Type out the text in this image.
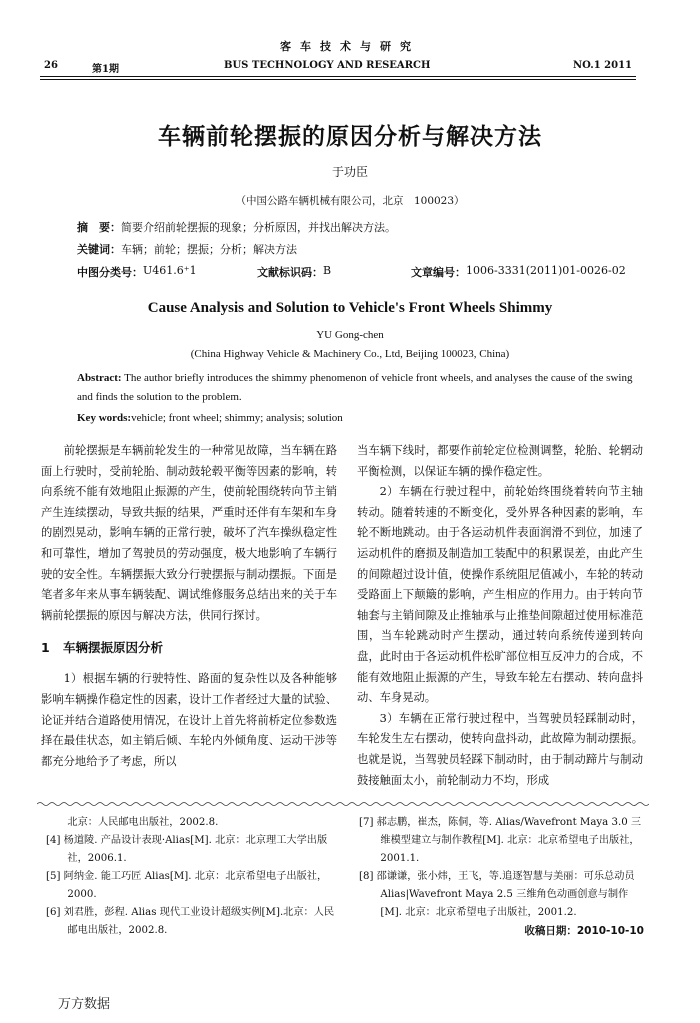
客车技术与研究
26	第1期	BUS TECHNOLOGY AND RESEARCH	NO.1 2011
车辆前轮摆振的原因分析与解决方法
于功臣
（中国公路车辆机械有限公司，北京　100023）
摘　要：简要介绍前轮摆振的现象；分析原因，并找出解决方法。
关键词：车辆；前轮；摆振；分析；解决方法
中图分类号： U461.6⁺1	文献标识码： B	文章编号： 1006-3331(2011)01-0026-02
Cause Analysis and Solution to Vehicle's Front Wheels Shimmy
YU Gong-chen
(China Highway Vehicle & Machinery Co., Ltd, Beijing 100023, China)
Abstract: The author briefly introduces the shimmy phenomenon of vehicle front wheels, and analyses the cause of the swing and finds the solution to the problem.
Key words:vehicle; front wheel; shimmy; analysis; solution

前轮摆振是车辆前轮发生的一种常见故障，当车辆在路面上行驶时，受前轮胎、制动鼓轮毂平衡等因素的影响，转向系统不能有效地阻止振源的产生，使前轮围绕转向节主销产生连续摆动，导致共振的结果，严重时还伴有车架和车身的剧烈晃动，影响车辆的正常行驶，破坏了汽车操纵稳定性和可靠性，增加了驾驶员的劳动强度，极大地影响了车辆行驶的安全性。车辆摆振大致分行驶摆振与制动摆振。下面是笔者多年来从事车辆装配、调试维修服务总结出来的关于车辆前轮摆振的原因与解决方法，供同行探讨。

1 车辆摆振原因分析

1）根据车辆的行驶特性、路面的复杂性以及各种能够影响车辆操作稳定性的因素，设计工作者经过大量的试验、论证并结合道路使用情况，在设计上首先将前桥定位参数选择在最佳状态，如主销后倾、车轮内外倾角度、运动干涉等都充分地给予了考虑，所以

当车辆下线时，都要作前轮定位检测调整，轮胎、轮辋动平衡检测，以保证车辆的操作稳定性。

2）车辆在行驶过程中，前轮始终围绕着转向节主轴转动。随着转速的不断变化，受外界各种因素的影响，车轮不断地跳动。由于各运动机件表面润滑不到位，加速了运动机件的磨损及制造加工装配中的积累误差，由此产生的间隙超过设计值，使操作系统阻尼值减小，车轮的转动受路面上下颠簸的影响，产生相应的作用力。由于转向节轴套与主销间隙及止推轴承与止推垫间隙超过使用标准范围，当车轮跳动时产生摆动，通过转向系统传递到转向盘，此时由于各运动机件松旷部位相互反冲力的合成，不能有效地阻止振源的产生，导致车轮左右摆动、转向盘抖动、车身晃动。

3）车辆在正常行驶过程中，当驾驶员轻踩制动时，车轮发生左右摆动，使转向盘抖动，此故障为制动摆振。也就是说，当驾驶员轻踩下制动时，由于制动蹄片与制动鼓接触面太小，前轮制动力不均，形成

北京：人民邮电出版社，2002.8.
[4] 杨道陵. 产品设计表现·Alias[M]. 北京：北京理工大学出版社，2006.1.
[5] 阿纳金. 能工巧匠 Alias[M]. 北京：北京希望电子出版社，2000.
[6] 刘君胜，彭程. Alias 现代工业设计超级实例[M].北京：人民邮电出版社，2002.8.
[7] 郝志鹏，崔杰，陈侗，等. Alias/Wavefront Maya 3.0 三维模型建立与制作教程[M]. 北京：北京希望电子出版社，2001.1.
[8] 邵谦谦，张小炜，王飞，等.追逐智慧与美丽：可乐总动员 Alias|Wavefront Maya 2.5 三维角色动画创意与制作[M]. 北京：北京希望电子出版社，2001.2.
收稿日期：2010-10-10
万方数据
